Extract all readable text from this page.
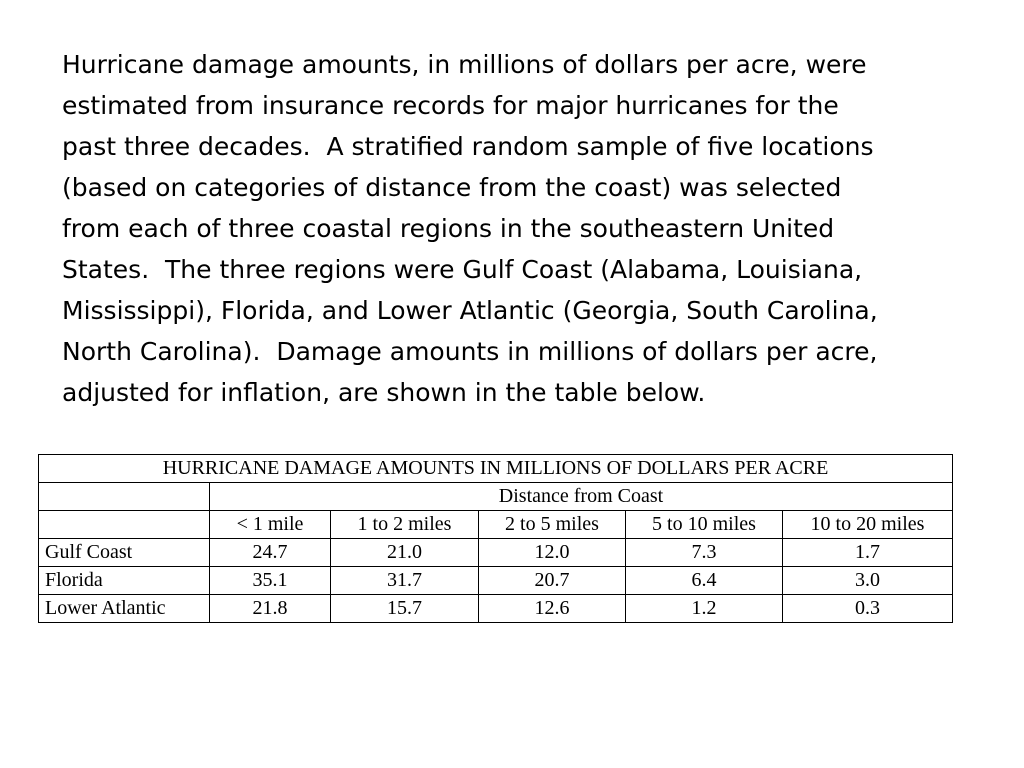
Hurricane damage amounts, in millions of dollars per acre, were
estimated from insurance records for major hurricanes for the
past three decades.  A stratified random sample of five locations
(based on categories of distance from the coast) was selected
from each of three coastal regions in the southeastern United
States.  The three regions were Gulf Coast (Alabama, Louisiana,
Mississippi), Florida, and Lower Atlantic (Georgia, South Carolina,
North Carolina).  Damage amounts in millions of dollars per acre,
adjusted for inflation, are shown in the table below.

HURRICANE DAMAGE AMOUNTS IN MILLIONS OF DOLLARS PER ACRE					
	Distance from Coast				
	< 1 mile	1 to 2 miles	2 to 5 miles	5 to 10 miles	10 to 20 miles
Gulf Coast	24.7	21.0	12.0	7.3	1.7
Florida	35.1	31.7	20.7	6.4	3.0
Lower Atlantic	21.8	15.7	12.6	1.2	0.3
